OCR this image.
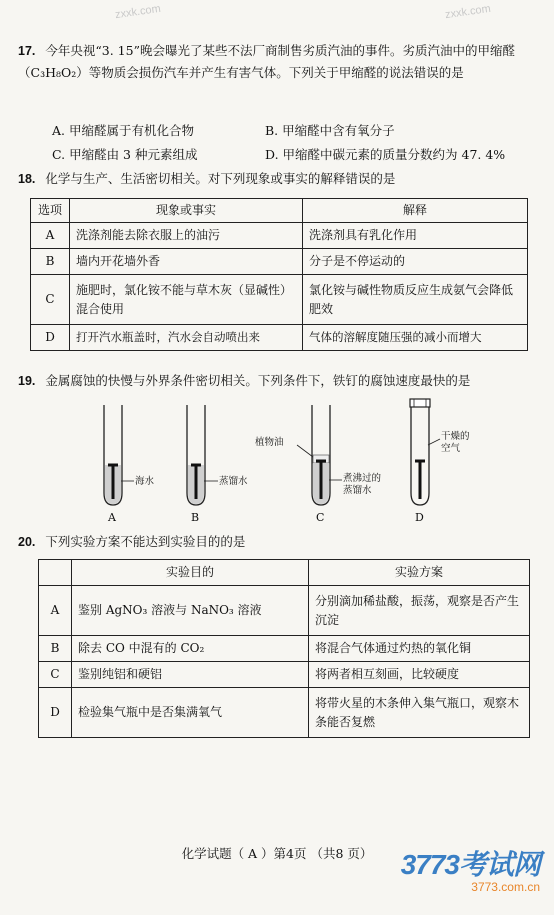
zxxk.com	zxxk.com
17. 今年央视“3. 15”晚会曝光了某些不法厂商制售劣质汽油的事件。劣质汽油中的甲缩醛（C₃H₈O₂）等物质会损伤汽车并产生有害气体。下列关于甲缩醛的说法错误的是
A. 甲缩醛属于有机化合物	B. 甲缩醛中含有氧分子
C. 甲缩醛由 3 种元素组成	D. 甲缩醛中碳元素的质量分数约为 47. 4%
18. 化学与生产、生活密切相关。对下列现象或事实的解释错误的是
选项	现象或事实	解释
A	洗涤剂能去除衣服上的油污	洗涤剂具有乳化作用
B	墙内开花墙外香	分子是不停运动的
C	施肥时，氯化铵不能与草木灰（显碱性）混合使用	氯化铵与碱性物质反应生成氨气会降低肥效
D	打开汽水瓶盖时，汽水会自动喷出来	气体的溶解度随压强的减小而增大
19. 金属腐蚀的快慢与外界条件密切相关。下列条件下，铁钉的腐蚀速度最快的是
海水	蒸馏水
植物油
煮沸过的
蒸馏水
干燥的
空气
A	B	C	D
20. 下列实验方案不能达到实验目的的是
	实验目的	实验方案
A	鉴别 AgNO₃ 溶液与 NaNO₃ 溶液	分别滴加稀盐酸，振荡，观察是否产生沉淀
B	除去 CO 中混有的 CO₂	将混合气体通过灼热的氧化铜
C	鉴别纯铝和硬铝	将两者相互刻画，比较硬度
D	检验集气瓶中是否集满氧气	将带火星的木条伸入集气瓶口，观察木条能否复燃
化学试题（ A ）第4页 （共8 页）	3773考试网
3773.com.cn
